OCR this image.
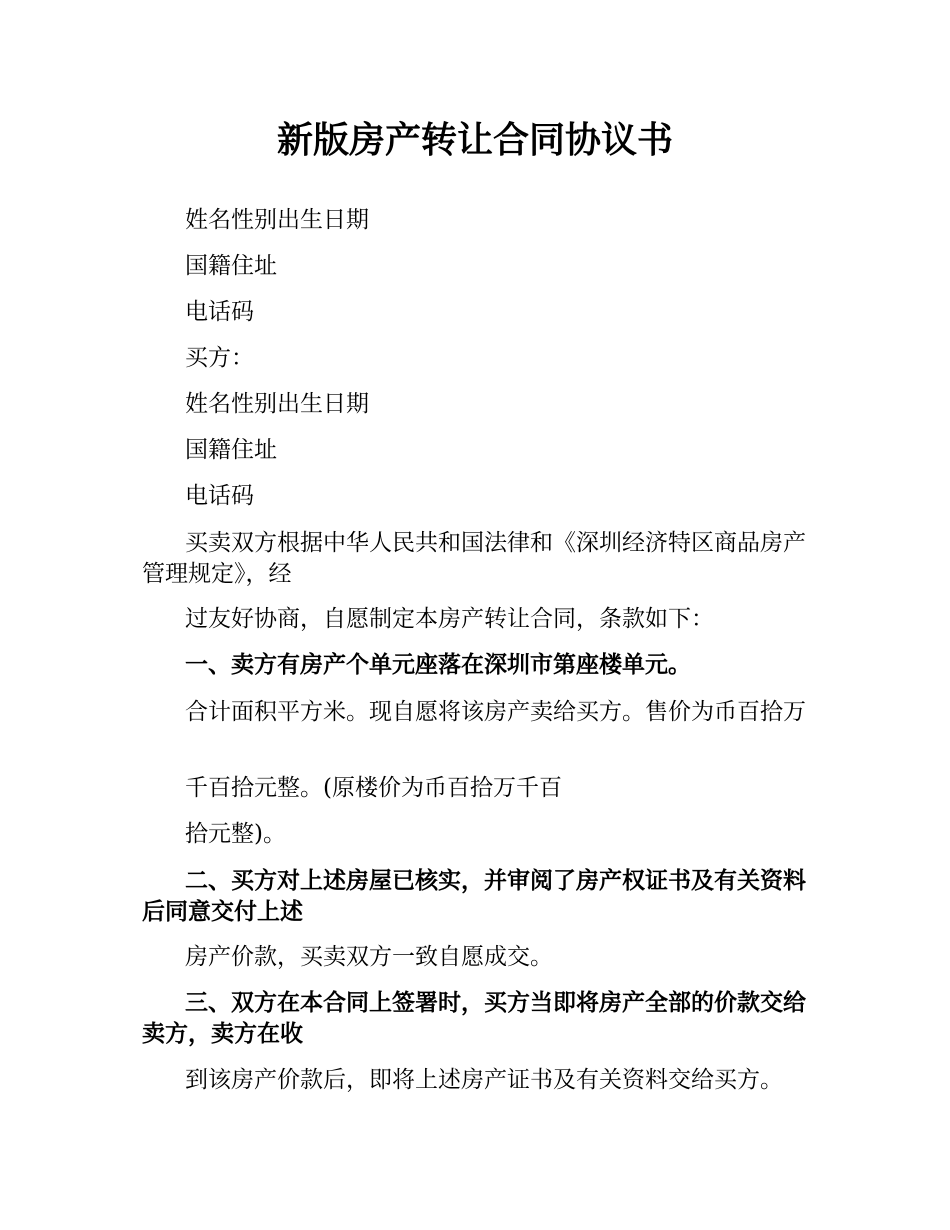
新版房产转让合同协议书

姓名性别出生日期

国籍住址

电话码

买方：

姓名性别出生日期

国籍住址

电话码

买卖双方根据中华人民共和国法律和《深圳经济特区商品房产管理规定》，经

过友好协商，自愿制定本房产转让合同，条款如下：

一、卖方有房产个单元座落在深圳市第座楼单元。

合计面积平方米。现自愿将该房产卖给买方。售价为币百拾万

千百拾元整。(原楼价为币百拾万千百

拾元整)。

二、买方对上述房屋已核实，并审阅了房产权证书及有关资料后同意交付上述

房产价款，买卖双方一致自愿成交。

三、双方在本合同上签署时，买方当即将房产全部的价款交给卖方，卖方在收

到该房产价款后，即将上述房产证书及有关资料交给买方。
